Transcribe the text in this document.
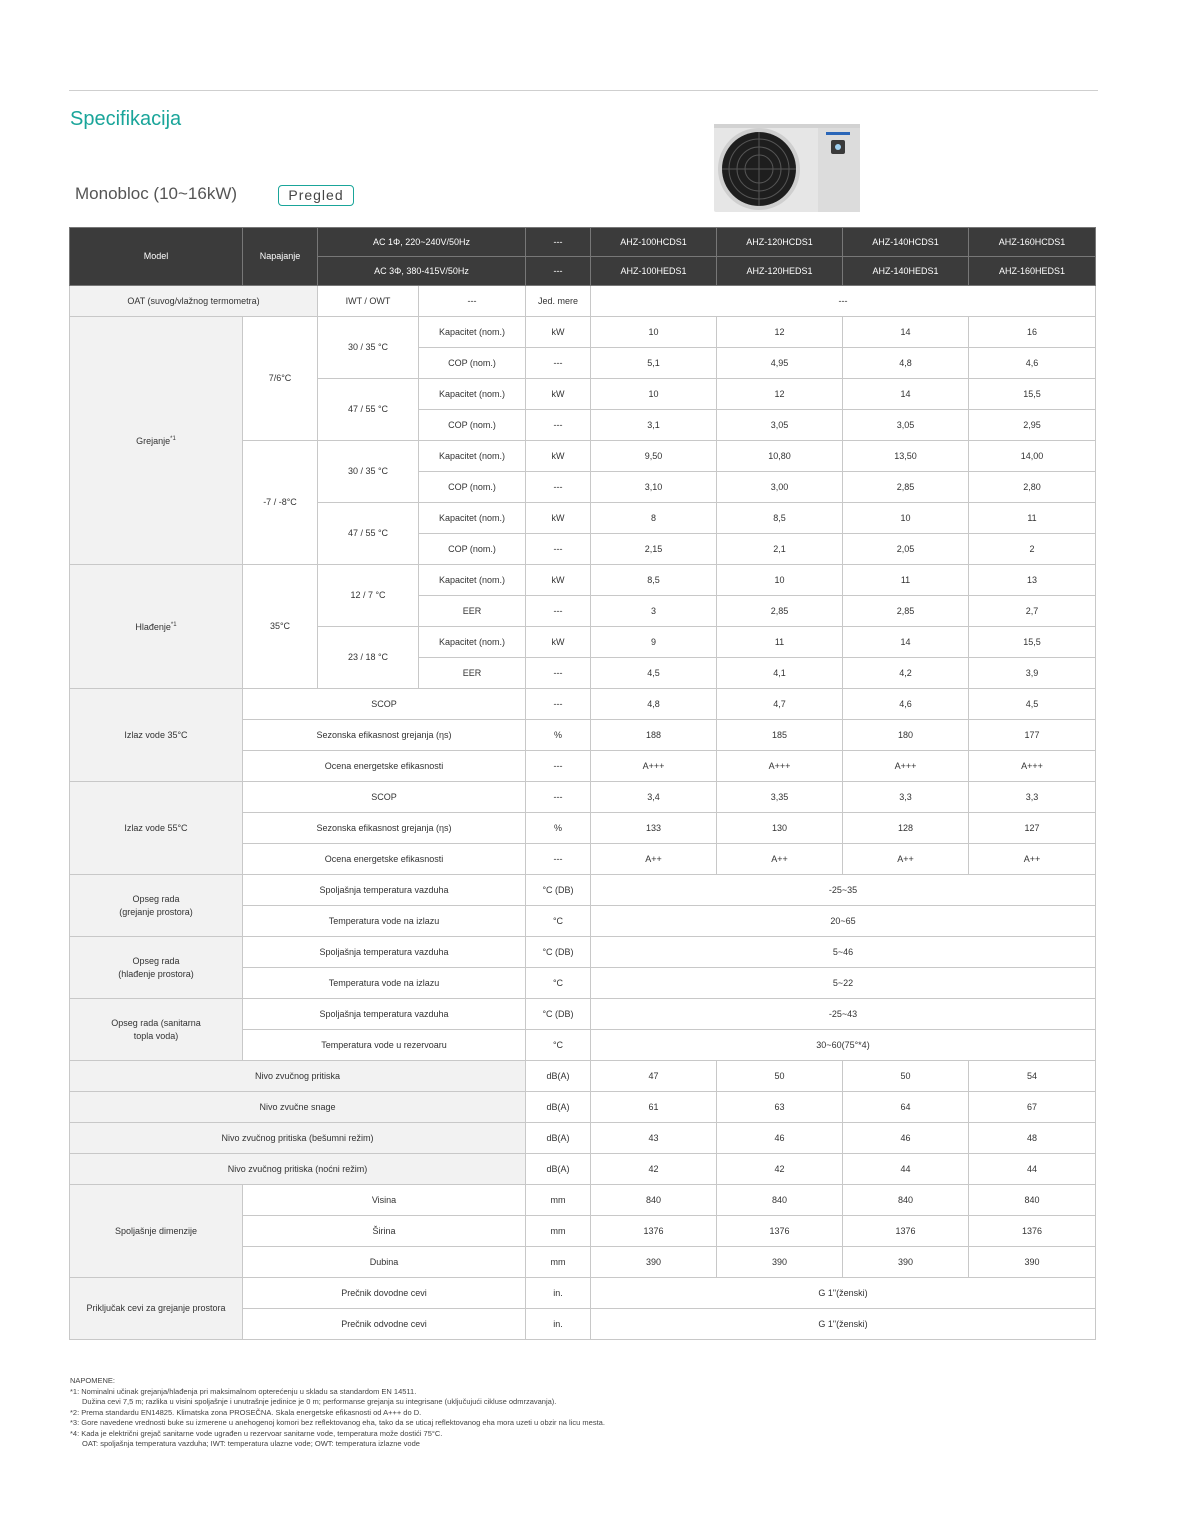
Specifikacija
Monobloc (10~16kW)	Pregled
Model	Napajanje	AC 1Φ, 220~240V/50Hz		---	AHZ-100HCDS1	AHZ-120HCDS1	AHZ-140HCDS1	AHZ-160HCDS1
		AC 3Φ, 380-415V/50Hz		---	AHZ-100HEDS1	AHZ-120HEDS1	AHZ-140HEDS1	AHZ-160HEDS1
OAT (suvog/vlažnog termometra)		IWT / OWT	---	Jed. mere	---			
Grejanje$^{*1}$	7/6°C	30 / 35 °C	Kapacitet (nom.)	kW	10	12	14	16
			COP (nom.)	---	5,1	4,95	4,8	4,6
		47 / 55 °C	Kapacitet (nom.)	kW	10	12	14	15,5
			COP (nom.)	---	3,1	3,05	3,05	2,95
	-7 / -8°C	30 / 35 °C	Kapacitet (nom.)	kW	9,50	10,80	13,50	14,00
			COP (nom.)	---	3,10	3,00	2,85	2,80
		47 / 55 °C	Kapacitet (nom.)	kW	8	8,5	10	11
			COP (nom.)	---	2,15	2,1	2,05	2
Hlađenje$^{*1}$	35°C	12 / 7 °C	Kapacitet (nom.)	kW	8,5	10	11	13
			EER	---	3	2,85	2,85	2,7
		23 / 18 °C	Kapacitet (nom.)	kW	9	11	14	15,5
			EER	---	4,5	4,1	4,2	3,9
Izlaz vode 35°C	SCOP			---	4,8	4,7	4,6	4,5
	Sezonska efikasnost grejanja (ηs)			%	188	185	180	177
	Ocena energetske efikasnosti			---	A+++	A+++	A+++	A+++
Izlaz vode 55°C	SCOP			---	3,4	3,35	3,3	3,3
	Sezonska efikasnost grejanja (ηs)			%	133	130	128	127
	Ocena energetske efikasnosti			---	A++	A++	A++	A++
Opseg rada
(grejanje prostora)	Spoljašnja temperatura vazduha			°C (DB)	-25~35			
	Temperatura vode na izlazu			°C	20~65			
Opseg rada
(hlađenje prostora)	Spoljašnja temperatura vazduha			°C (DB)	5~46			
	Temperatura vode na izlazu			°C	5~22			
Opseg rada (sanitarna
topla voda)	Spoljašnja temperatura vazduha			°C (DB)	-25~43			
	Temperatura vode u rezervoaru			°C	30~60(75°*4)			
Nivo zvučnog pritiska				dB(A)	47	50	50	54
Nivo zvučne snage				dB(A)	61	63	64	67
Nivo zvučnog pritiska (bešumni režim)				dB(A)	43	46	46	48
Nivo zvučnog pritiska (noćni režim)				dB(A)	42	42	44	44
Spoljašnje dimenzije	Visina			mm	840	840	840	840
	Širina			mm	1376	1376	1376	1376
	Dubina			mm	390	390	390	390
Priključak cevi za grejanje prostora	Prečnik dovodne cevi			in.	G 1"(ženski)			
	Prečnik odvodne cevi			in.	G 1"(ženski)			
NAPOMENE:
*1: Nominalni učinak grejanja/hlađenja pri maksimalnom opterećenju u skladu sa standardom EN 14511.
Dužina cevi 7,5 m; razlika u visini spoljašnje i unutrašnje jedinice je 0 m; performanse grejanja su integrisane (uključujući cikluse odmrzavanja).
*2: Prema standardu EN14825. Klimatska zona PROSEČNA. Skala energetske efikasnosti od A+++ do D.
*3: Gore navedene vrednosti buke su izmerene u anehogenoj komori bez reflektovanog eha, tako da se uticaj reflektovanog eha mora uzeti u obzir na licu mesta.
*4: Kada je električni grejač sanitarne vode ugrađen u rezervoar sanitarne vode, temperatura može dostići 75°C.
OAT: spoljašnja temperatura vazduha; IWT: temperatura ulazne vode; OWT: temperatura izlazne vode
